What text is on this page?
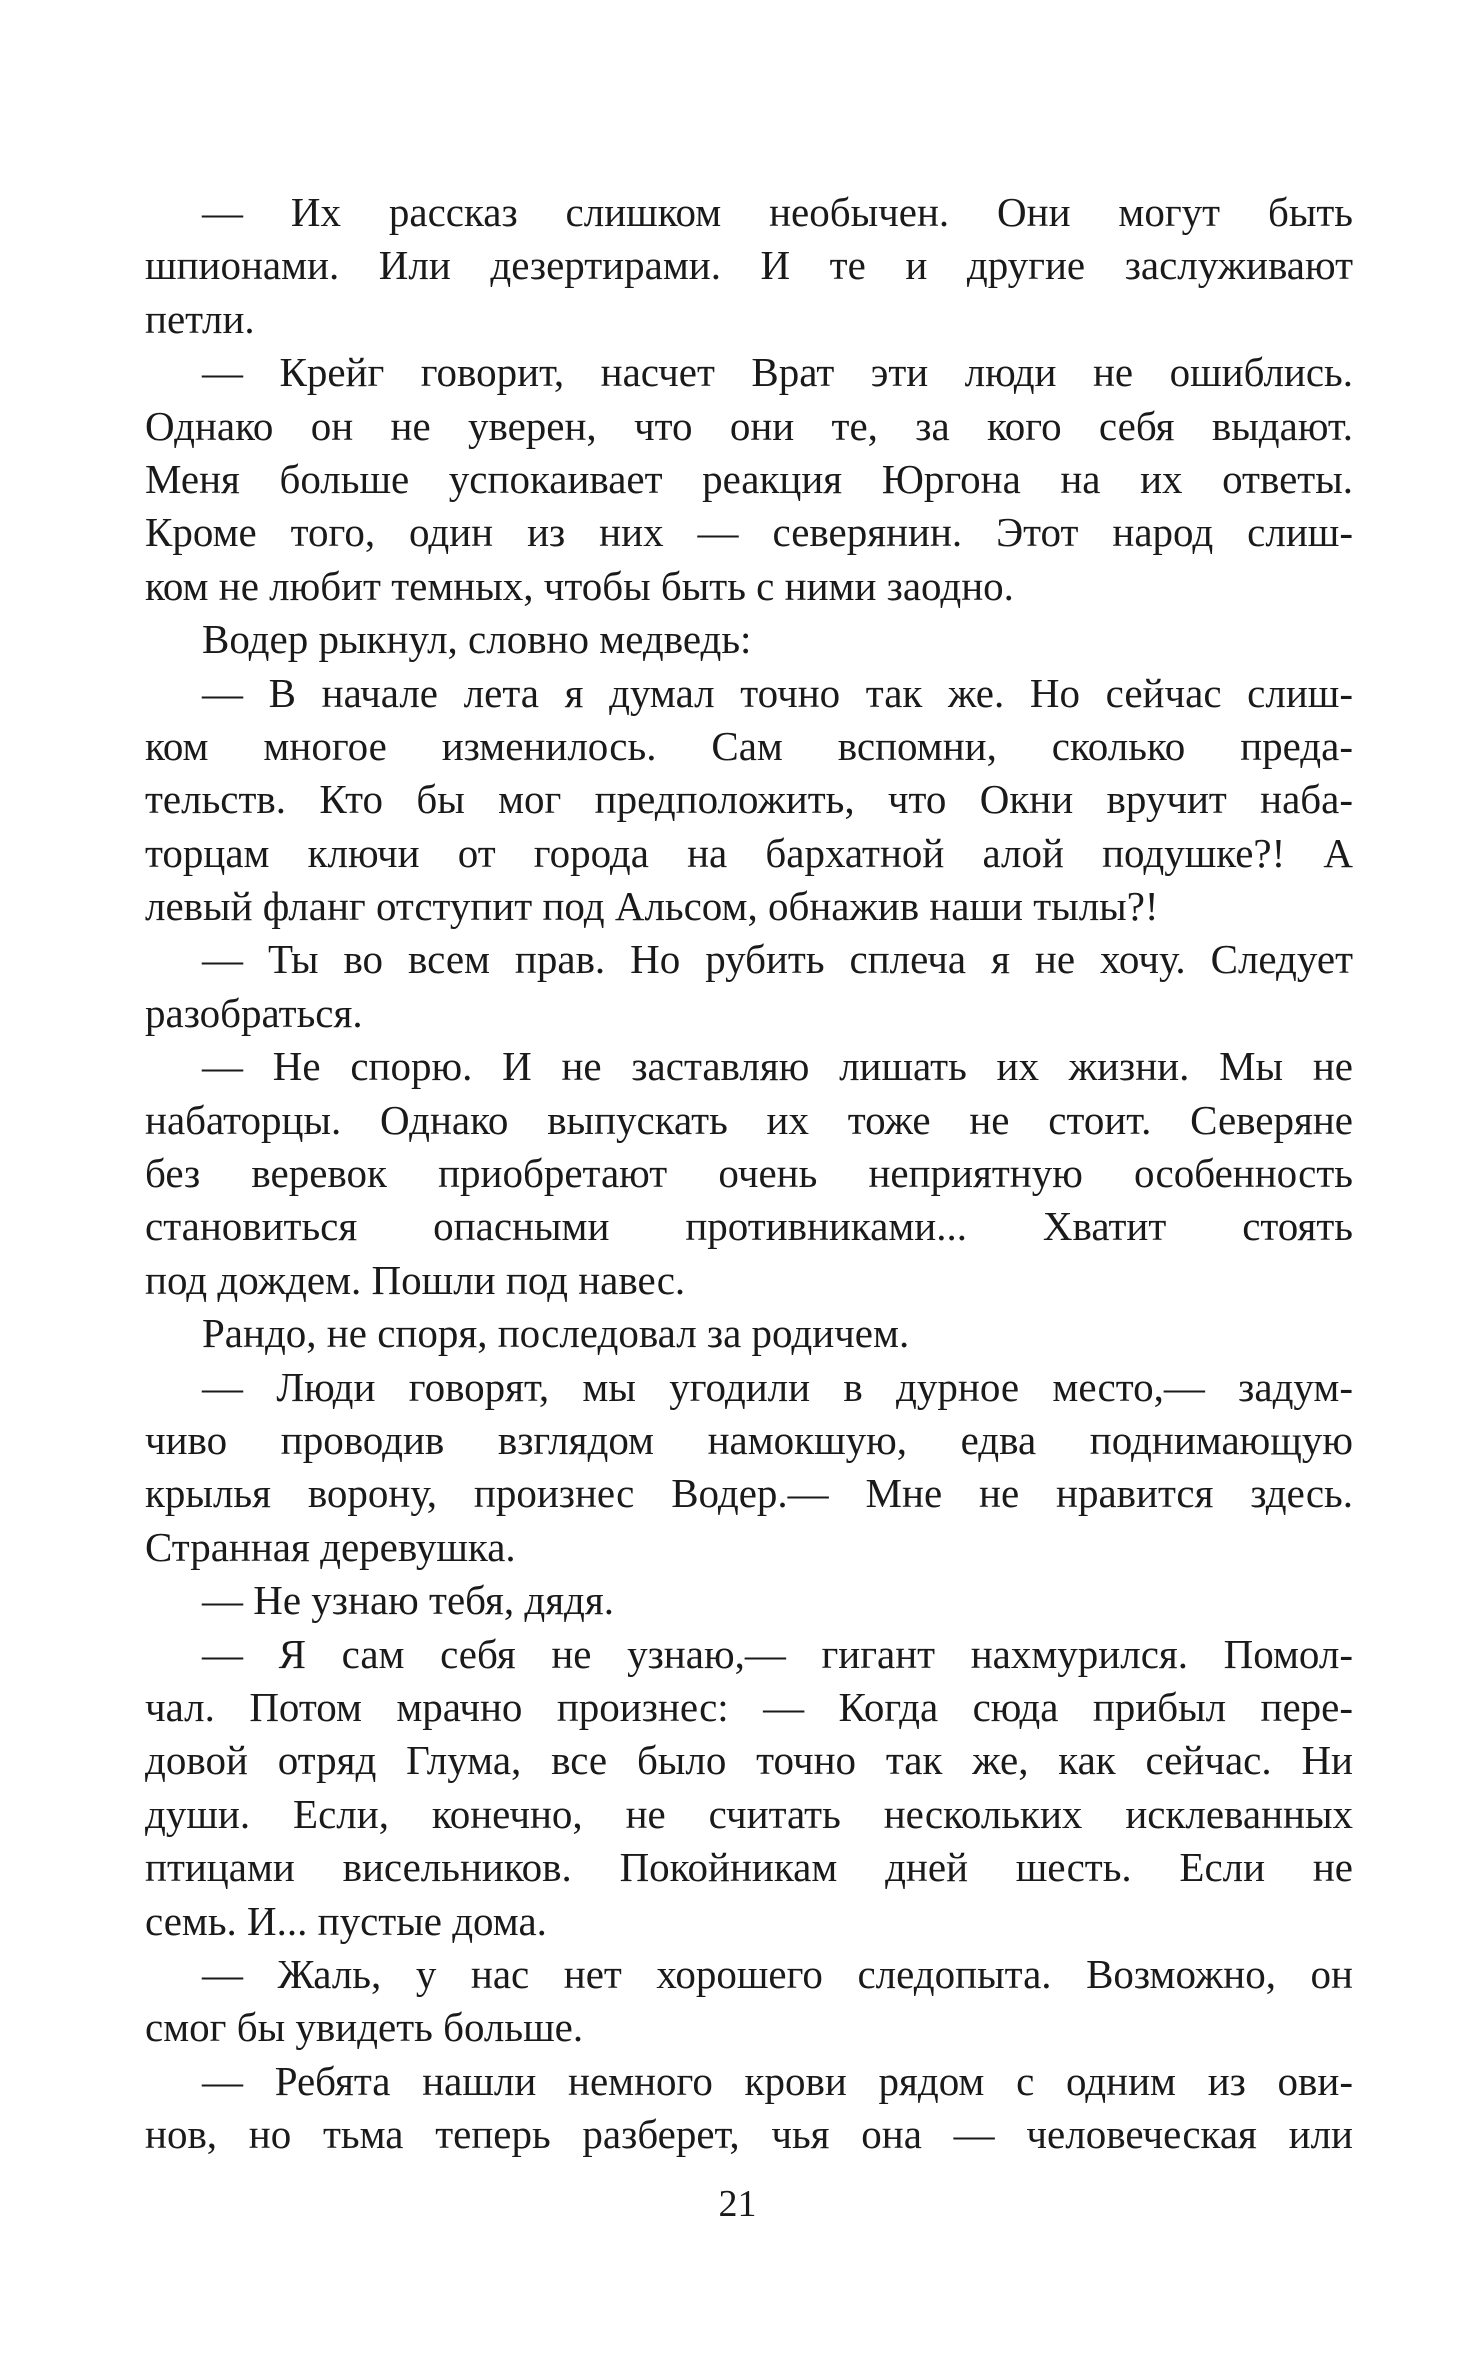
— Их рассказ слишком необычен. Они могут быть
шпионами. Или дезертирами. И те и другие заслуживают
петли.
— Крейг говорит, насчет Врат эти люди не ошиблись.
Однако он не уверен, что они те, за кого себя выдают.
Меня больше успокаивает реакция Юргона на их ответы.
Кроме того, один из них — северянин. Этот народ слиш-
ком не любит темных, чтобы быть с ними заодно.
Водер рыкнул, словно медведь:
— В начале лета я думал точно так же. Но сейчас слиш-
ком многое изменилось. Сам вспомни, сколько преда-
тельств. Кто бы мог предположить, что Окни вручит наба-
торцам ключи от города на бархатной алой подушке?! А
левый фланг отступит под Альсом, обнажив наши тылы?!
— Ты во всем прав. Но рубить сплеча я не хочу. Следует
разобраться.
— Не спорю. И не заставляю лишать их жизни. Мы не
набаторцы. Однако выпускать их тоже не стоит. Северяне
без веревок приобретают очень неприятную особенность
становиться опасными противниками... Хватит стоять
под дождем. Пошли под навес.
Рандо, не споря, последовал за родичем.
— Люди говорят, мы угодили в дурное место,— задум-
чиво проводив взглядом намокшую, едва поднимающую
крылья ворону, произнес Водер.— Мне не нравится здесь.
Странная деревушка.
— Не узнаю тебя, дядя.
— Я сам себя не узнаю,— гигант нахмурился. Помол-
чал. Потом мрачно произнес: — Когда сюда прибыл пере-
довой отряд Глума, все было точно так же, как сейчас. Ни
души. Если, конечно, не считать нескольких исклеванных
птицами висельников. Покойникам дней шесть. Если не
семь. И... пустые дома.
— Жаль, у нас нет хорошего следопыта. Возможно, он
смог бы увидеть больше.
— Ребята нашли немного крови рядом с одним из ови-
нов, но тьма теперь разберет, чья она — человеческая или
21
